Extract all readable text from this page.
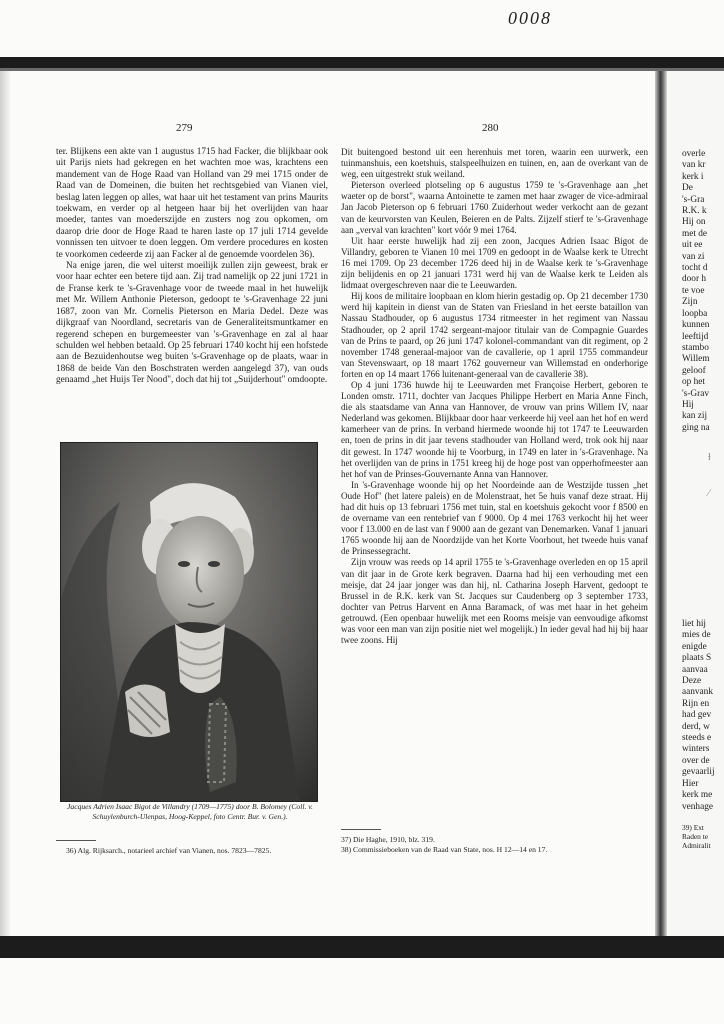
0008
279	280

ter. Blijkens een akte van 1 augustus 1715 had Facker, die blijkbaar ook uit Parijs niets had gekregen en het wachten moe was, krachtens een mandement van de Hoge Raad van Holland van 29 mei 1715 onder de Raad van de Domeinen, die buiten het rechtsgebied van Vianen viel, beslag laten leggen op alles, wat haar uit het testament van prins Maurits toekwam, en verder op al hetgeen haar bij het overlijden van haar moeder, tantes van moederszijde en zusters nog zou opkomen, om daarop drie door de Hoge Raad te haren laste op 17 juli 1714 gevelde vonnissen ten uitvoer te doen leggen. Om verdere procedures en kosten te voorkomen cedeerde zij aan Facker al de genoemde voordelen 36).

Na enige jaren, die wel uiterst moeilijk zullen zijn geweest, brak er voor haar echter een betere tijd aan. Zij trad namelijk op 22 juni 1721 in de Franse kerk te 's-Gravenhage voor de tweede maal in het huwelijk met Mr. Willem Anthonie Pieterson, gedoopt te 's-Gravenhage 22 juni 1687, zoon van Mr. Cornelis Pieterson en Maria Dedel. Deze was dijkgraaf van Noordland, secretaris van de Generaliteitsmuntkamer en regerend schepen en burgemeester van 's-Gravenhage en zal al haar schulden wel hebben betaald. Op 25 februari 1740 kocht hij een hofstede aan de Bezuidenhoutse weg buiten 's-Gravenhage op de plaats, waar in 1868 de beide Van den Boschstraten werden aangelegd 37), van ouds genaamd „het Huijs Ter Nood", doch dat hij tot „Suijderhout" omdoopte.

Jacques Adrien Isaac Bigot de Villandry (1709—1775) door B. Bolomey (Coll. v. Schuylenburch-Ulenpas, Hoog-Keppel, foto Centr. Bur. v. Gen.).
36) Alg. Rijksarch., notarieel archief van Vianen, nos. 7823—7825.

Dit buitengoed bestond uit een herenhuis met toren, waarin een uurwerk, een tuinmanshuis, een koetshuis, stalspeelhuizen en tuinen, en, aan de overkant van de weg, een uitgestrekt stuk weiland.

Pieterson overleed plotseling op 6 augustus 1759 te 's-Gravenhage aan „het waeter op de borst", waarna Antoinette te zamen met haar zwager de vice-admiraal Jan Jacob Pieterson op 6 februari 1760 Zuiderhout weder verkocht aan de gezant van de keurvorsten van Keulen, Beieren en de Palts. Zijzelf stierf te 's-Gravenhage aan „verval van krachten" kort vóór 9 mei 1764.

Uit haar eerste huwelijk had zij een zoon, Jacques Adrien Isaac Bigot de Villandry, geboren te Vianen 10 mei 1709 en gedoopt in de Waalse kerk te Utrecht 16 mei 1709. Op 23 december 1726 deed hij in de Waalse kerk te 's-Gravenhage zijn belijdenis en op 21 januari 1731 werd hij van de Waalse kerk te Leiden als lidmaat overgeschreven naar die te Leeuwarden.

Hij koos de militaire loopbaan en klom hierin gestadig op. Op 21 december 1730 werd hij kapitein in dienst van de Staten van Friesland in het eerste bataillon van Nassau Stadhouder, op 6 augustus 1734 ritmeester in het regiment van Nassau Stadhouder, op 2 april 1742 sergeant-majoor titulair van de Compagnie Guardes van de Prins te paard, op 26 juni 1747 kolonel-commandant van dit regiment, op 2 november 1748 generaal-majoor van de cavallerie, op 1 april 1755 commandeur van Stevenswaart, op 18 maart 1762 gouverneur van Willemstad en onderhorige forten en op 14 maart 1766 luitenant-generaal van de cavallerie 38).

Op 4 juni 1736 huwde hij te Leeuwarden met Françoise Herbert, geboren te Londen omstr. 1711, dochter van Jacques Philippe Herbert en Maria Anne Finch, die als staatsdame van Anna van Hannover, de vrouw van prins Willem IV, naar Nederland was gekomen. Blijkbaar door haar verkeerde hij veel aan het hof en werd kamerheer van de prins. In verband hiermede woonde hij tot 1747 te Leeuwarden en, toen de prins in dit jaar tevens stadhouder van Holland werd, trok ook hij naar dit gewest. In 1747 woonde hij te Voorburg, in 1749 en later in 's-Gravenhage. Na het overlijden van de prins in 1751 kreeg hij de hoge post van opperhofmeester aan het hof van de Prinses-Gouvernante Anna van Hannover.

In 's-Gravenhage woonde hij op het Noordeinde aan de Westzijde tussen „het Oude Hof" (het latere paleis) en de Molenstraat, het 5e huis vanaf deze straat. Hij had dit huis op 13 februari 1756 met tuin, stal en koetshuis gekocht voor f 8500 en de overname van een rentebrief van f 9000. Op 4 mei 1763 verkocht hij het weer voor f 13.000 en de last van f 9000 aan de gezant van Denemarken. Vanaf 1 januari 1765 woonde hij aan de Noordzijde van het Korte Voorhout, het tweede huis vanaf de Prinsessegracht.

Zijn vrouw was reeds op 14 april 1755 te 's-Gravenhage overleden en op 15 april van dit jaar in de Grote kerk begraven. Daarna had hij een verhouding met een meisje, dat 24 jaar jonger was dan hij, nl. Catharina Joseph Harvent, gedoopt te Brussel in de R.K. kerk van St. Jacques sur Caudenberg op 3 september 1733, dochter van Petrus Harvent en Anna Baramack, of was met haar in het geheim getrouwd. (Een openbaar huwelijk met een Rooms meisje van eenvoudige afkomst was voor een man van zijn positie niet wel mogelijk.) In ieder geval had hij bij haar twee zoons. Hij

37) Die Haghe, 1910, blz. 319.
38) Commissieboeken van de Raad van State, nos. H 12—14 en 17.
overle
van kr
kerk i
De
's-Gra
R.K. k
Hij on
met de
uit ee
van zi
tocht d
door h
te voe
Zijn
loopba
kunnen
leeftijd
stambo
Willem
geloof
op het
's-Grav
Hij
kan zij
ging na
liet hij
mies de
enigde
plaats S
aanvaa
Deze
aanvank
Rijn en
had gev
derd, w
steeds e
winters
over de
gevaarlij
Hier
kerk me
venhage
39) Ext
Raden te
Admiralit
ɫ
⁄
